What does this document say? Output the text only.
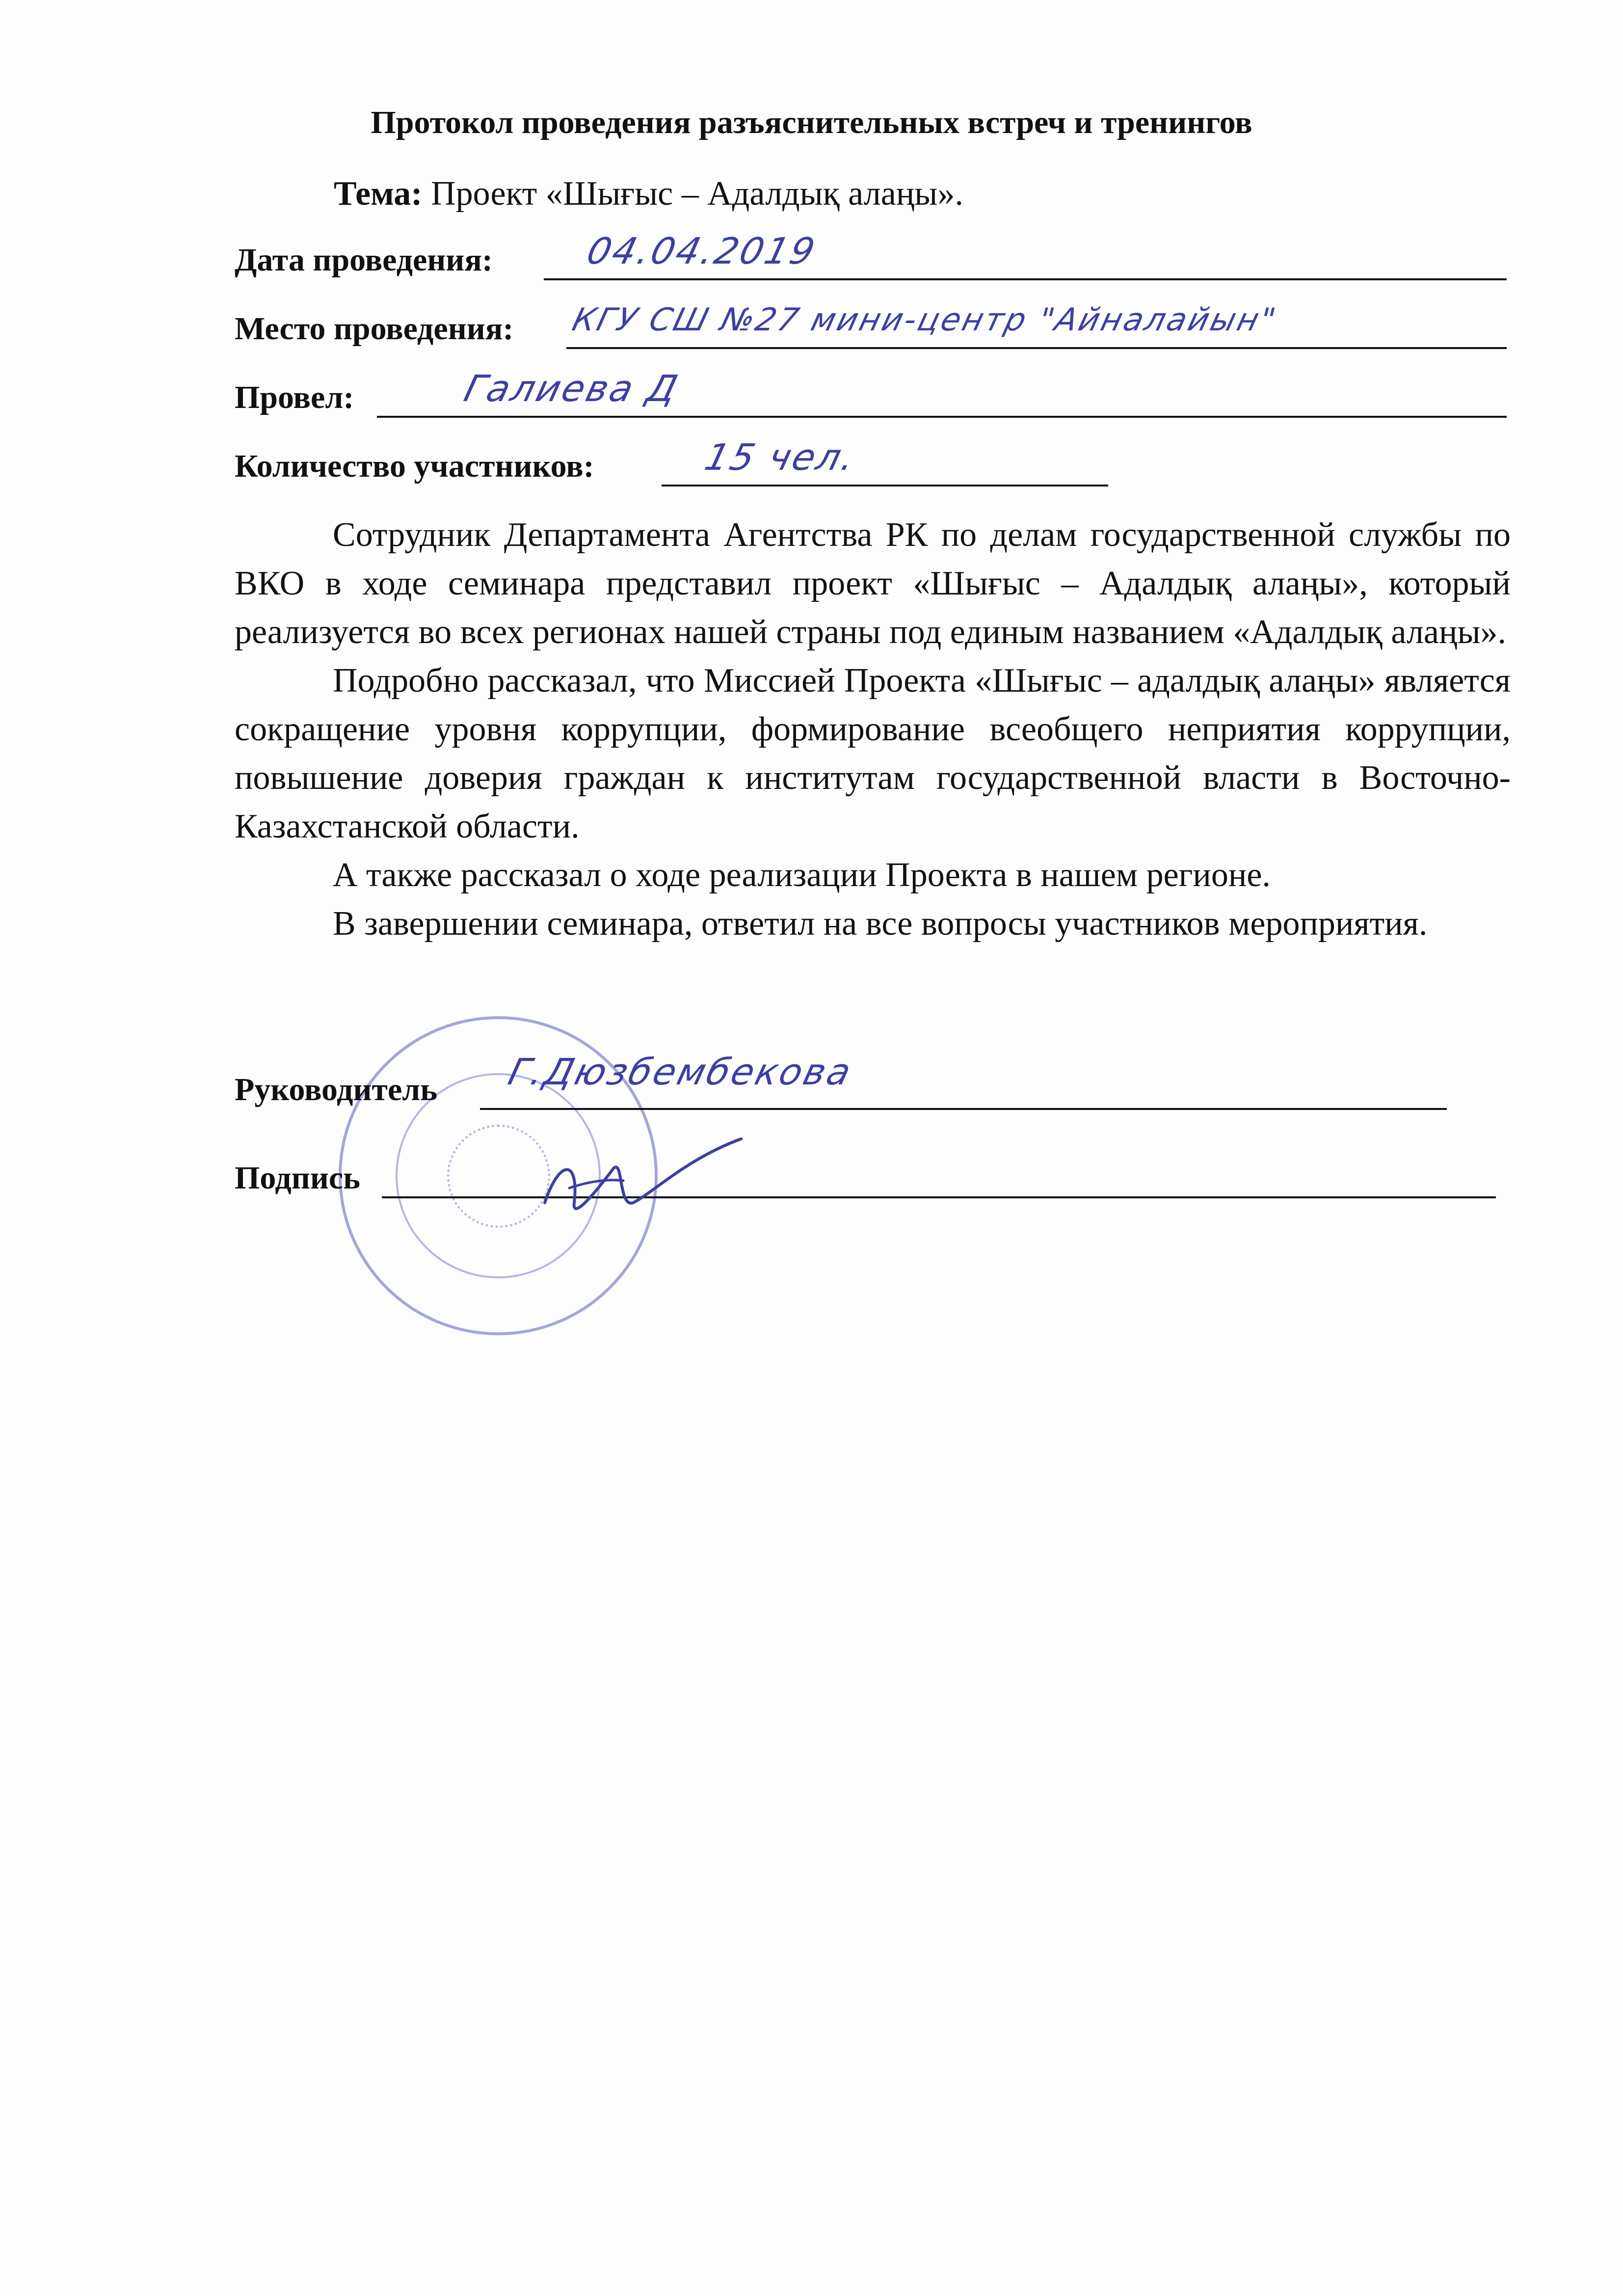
Протокол проведения разъяснительных встреч и тренингов
Тема: Проект «Шығыс – Адалдық алаңы».
Дата проведения: 04.04.2019
Место проведения: КГУ СШ №27 мини-центр "Айналайын"
Провел:	Галиева Д
Количество участников:	15 чел.

Сотрудник Департамента Агентства РК по делам государственной службы по ВКО в ходе семинара представил проект «Шығыс – Адалдық алаңы», который реализуется во всех регионах нашей страны под единым названием «Адалдық алаңы».

Подробно рассказал, что Миссией Проекта «Шығыс – адалдық алаңы» является сокращение уровня коррупции, формирование всеобщего неприятия коррупции, повышение доверия граждан к институтам государственной власти в Восточно-Казахстанской области.

А также рассказал о ходе реализации Проекта в нашем регионе.

В завершении семинара, ответил на все вопросы участников мероприятия.

Руководитель Г.Дюзбембекова
Подпись
